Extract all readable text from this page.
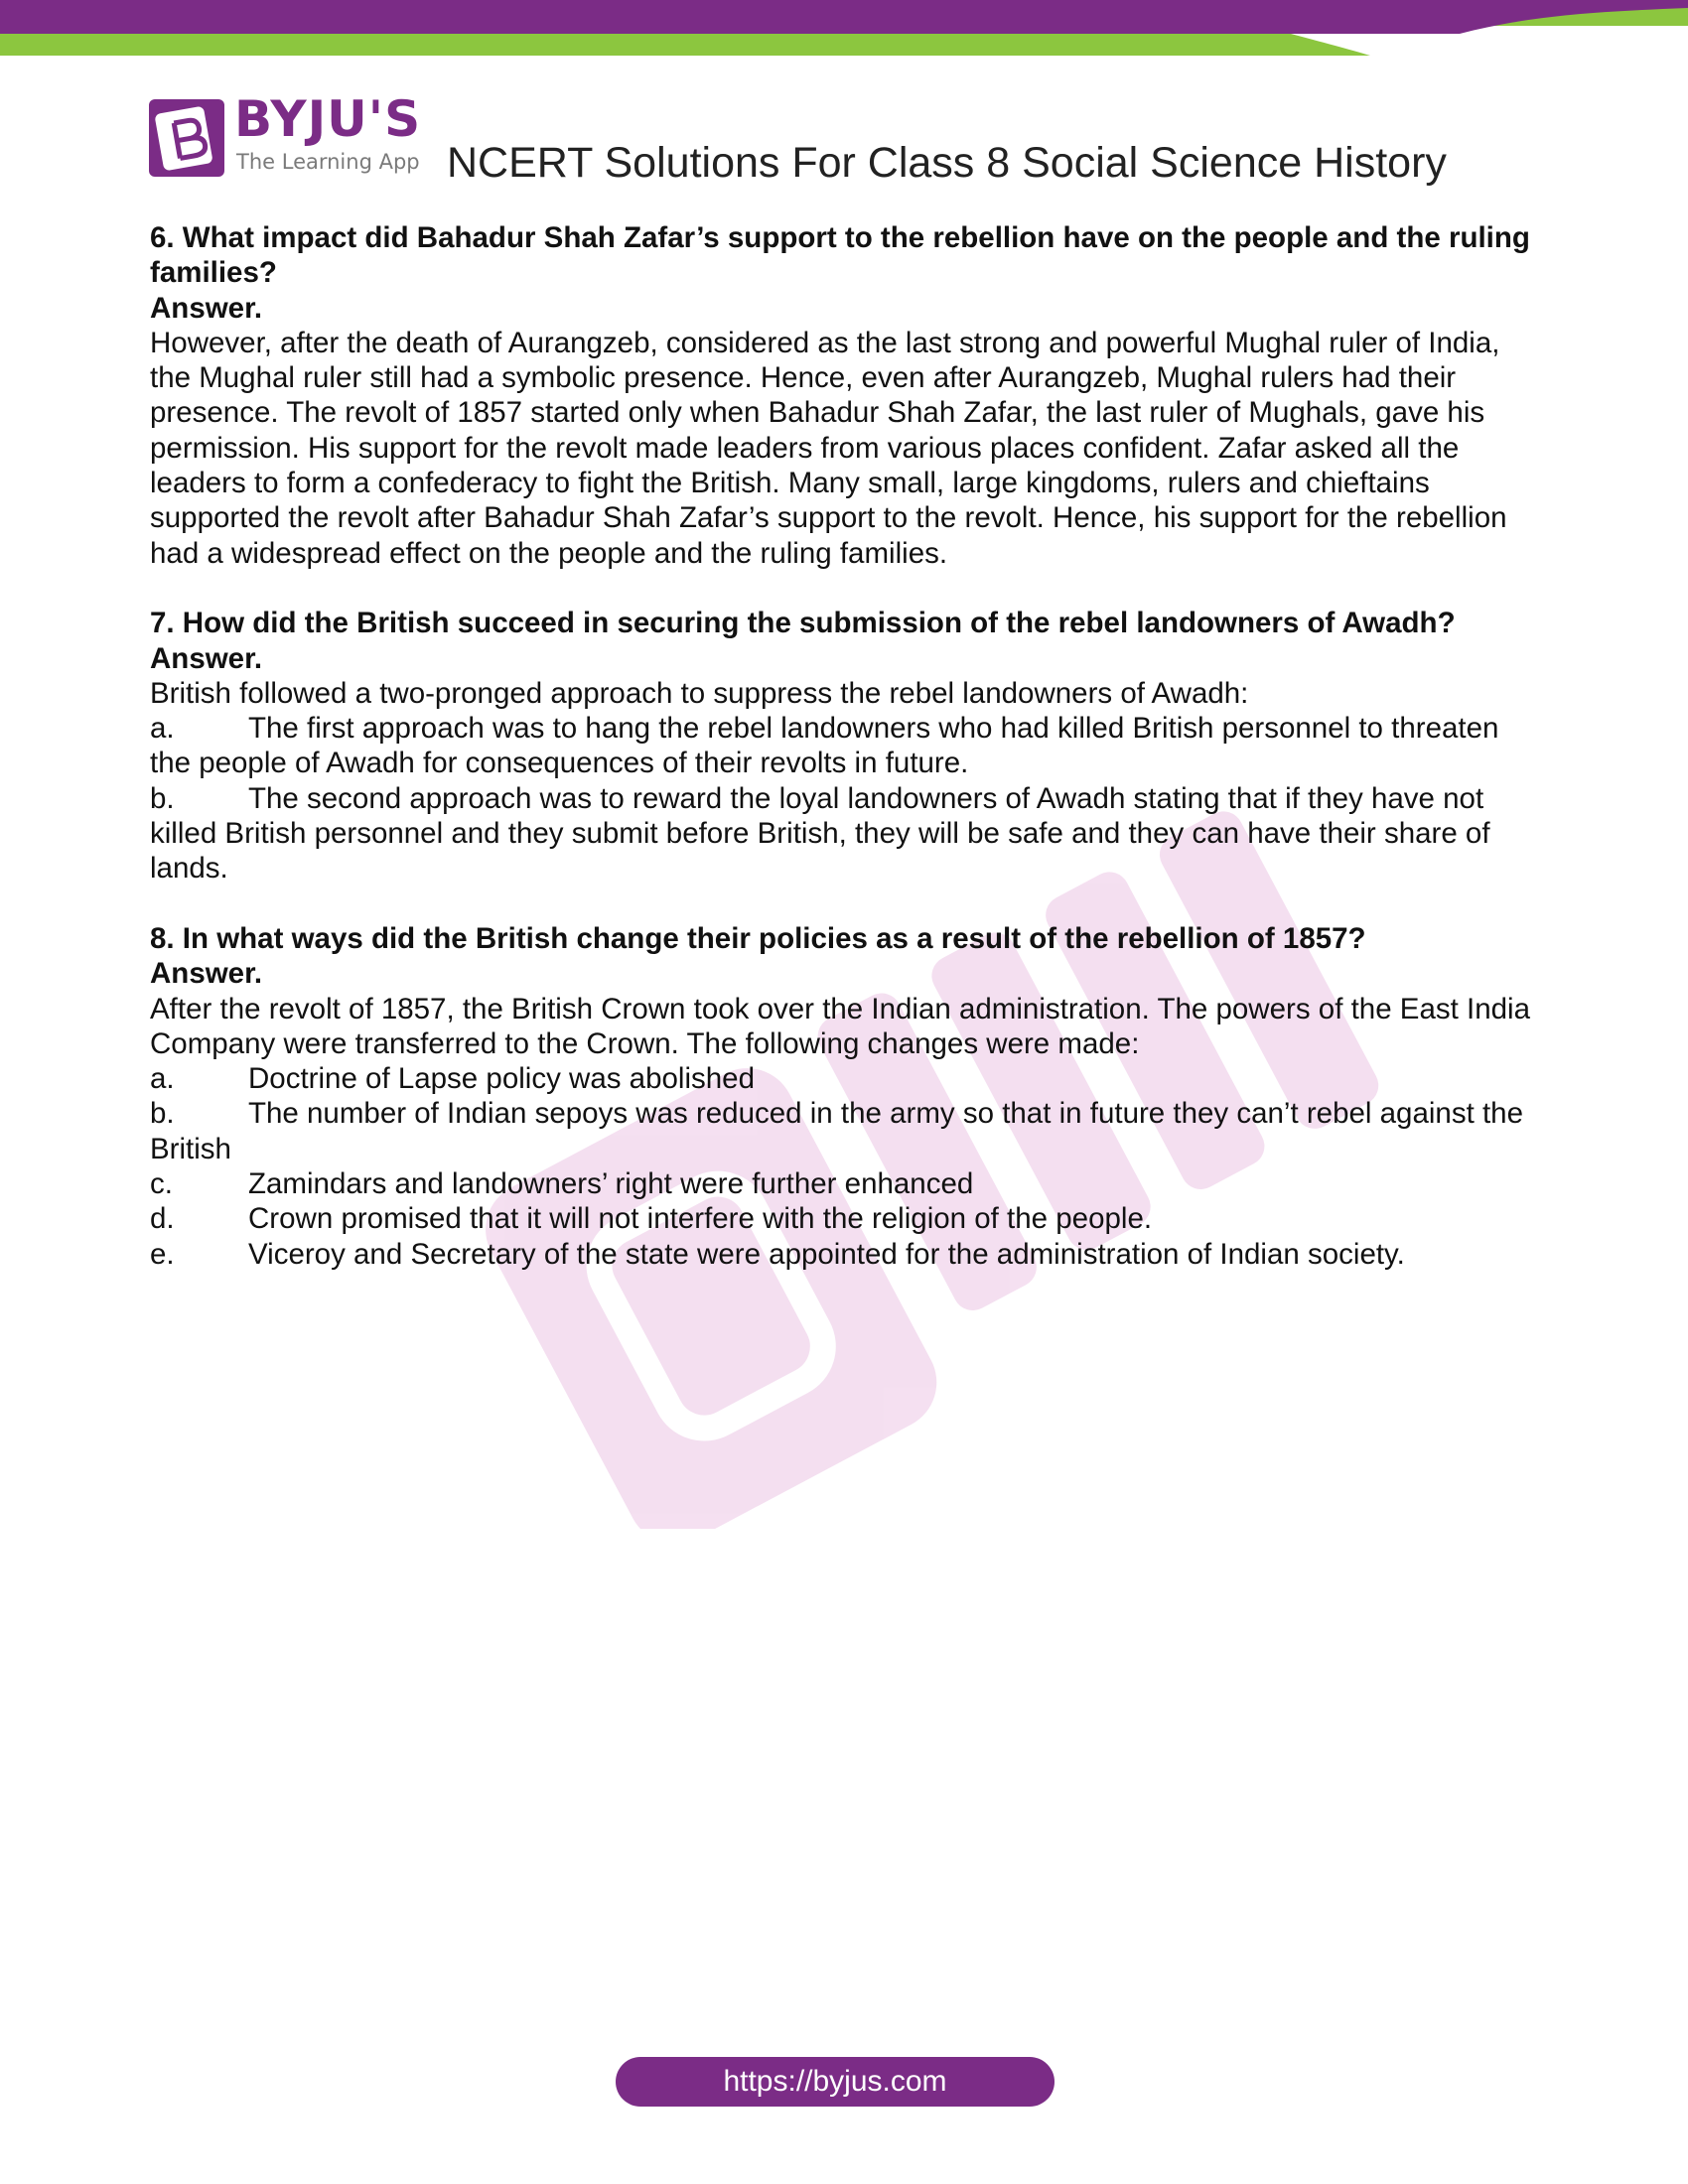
BYJU'S
The Learning App NCERT Solutions For Class 8 Social Science History

6. What impact did Bahadur Shah Zafar’s support to the rebellion have on the people and the ruling families?

Answer.

However, after the death of Aurangzeb, considered as the last strong and powerful Mughal ruler of India, the Mughal ruler still had a symbolic presence. Hence, even after Aurangzeb, Mughal rulers had their presence. The revolt of 1857 started only when Bahadur Shah Zafar, the last ruler of Mughals, gave his permission. His support for the revolt made leaders from various places confident. Zafar asked all the leaders to form a confederacy to fight the British. Many small, large kingdoms, rulers and chieftains supported the revolt after Bahadur Shah Zafar’s support to the revolt. Hence, his support for the rebellion had a widespread effect on the people and the ruling families.

7. How did the British succeed in securing the submission of the rebel landowners of Awadh?

Answer.

British followed a two-pronged approach to suppress the rebel landowners of Awadh:

a.	The first approach was to hang the rebel landowners who had killed British personnel to threaten the people of Awadh for consequences of their revolts in future.

b.	The second approach was to reward the loyal landowners of Awadh stating that if they have not killed British personnel and they submit before British, they will be safe and they can have their share of lands.

8. In what ways did the British change their policies as a result of the rebellion of 1857?

Answer.

After the revolt of 1857, the British Crown took over the Indian administration. The powers of the East India Company were transferred to the Crown. The following changes were made:

a.	Doctrine of Lapse policy was abolished

b.	The number of Indian sepoys was reduced in the army so that in future they can’t rebel against the British

c.	Zamindars and landowners’ right were further enhanced

d.	Crown promised that it will not interfere with the religion of the people.

e.	Viceroy and Secretary of the state were appointed for the administration of Indian society.

https://byjus.com
